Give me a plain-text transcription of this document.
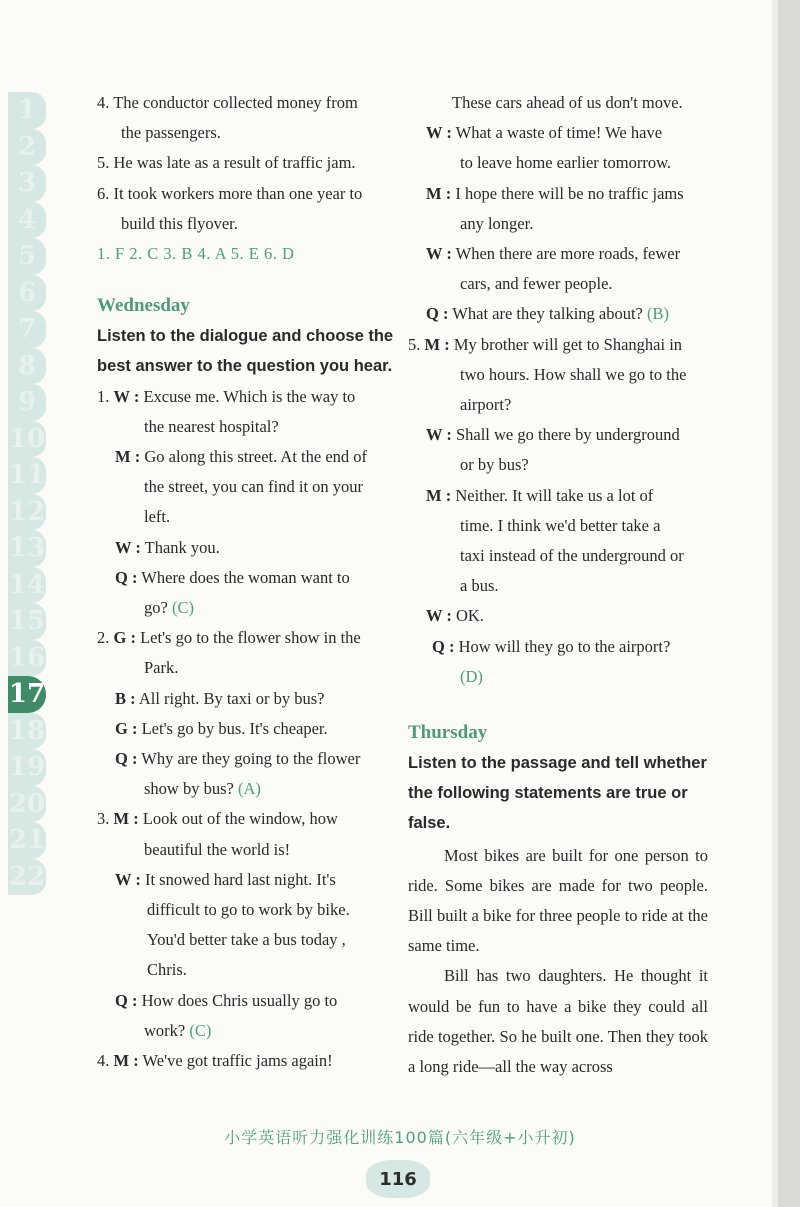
1
2
3
4
5
6
7
8
9
10
11
12
13
14
15
16
17
18
19
20
21
22
4. The conductor collected money from
the passengers.
5. He was late as a result of traffic jam.
6. It took workers more than one year to
build this flyover.
1. F 2. C 3. B 4. A 5. E 6. D
Wednesday
Listen to the dialogue and choose the
best answer to the question you hear.
1. W : Excuse me. Which is the way to
the nearest hospital?
M : Go along this street. At the end of
the street, you can find it on your
left.
W : Thank you.
Q : Where does the woman want to
go? (C)
2. G : Let's go to the flower show in the
Park.
B : All right. By taxi or by bus?
G : Let's go by bus. It's cheaper.
Q : Why are they going to the flower
show by bus? (A)
3. M : Look out of the window, how
beautiful the world is!
W : It snowed hard last night. It's
difficult to go to work by bike.
You'd better take a bus today ,
Chris.
Q : How does Chris usually go to
work? (C)
4. M : We've got traffic jams again!
These cars ahead of us don't move.
W : What a waste of time! We have
to leave home earlier tomorrow.
M : I hope there will be no traffic jams
any longer.
W : When there are more roads, fewer
cars, and fewer people.
Q : What are they talking about? (B)
5. M : My brother will get to Shanghai in
two hours. How shall we go to the
airport?
W : Shall we go there by underground
or by bus?
M : Neither. It will take us a lot of
time. I think we'd better take a
taxi instead of the underground or
a bus.
W : OK.
Q : How will they go to the airport?
(D)
Thursday
Listen to the passage and tell whether
the following statements are true or
false.
Most bikes are built for one person to ride. Some bikes are made for two people. Bill built a bike for three people to ride at the same time.
Bill has two daughters. He thought it would be fun to have a bike they could all ride together. So he built one. Then they took a long ride—all the way across
小学英语听力强化训练100篇(六年级+小升初)
116
